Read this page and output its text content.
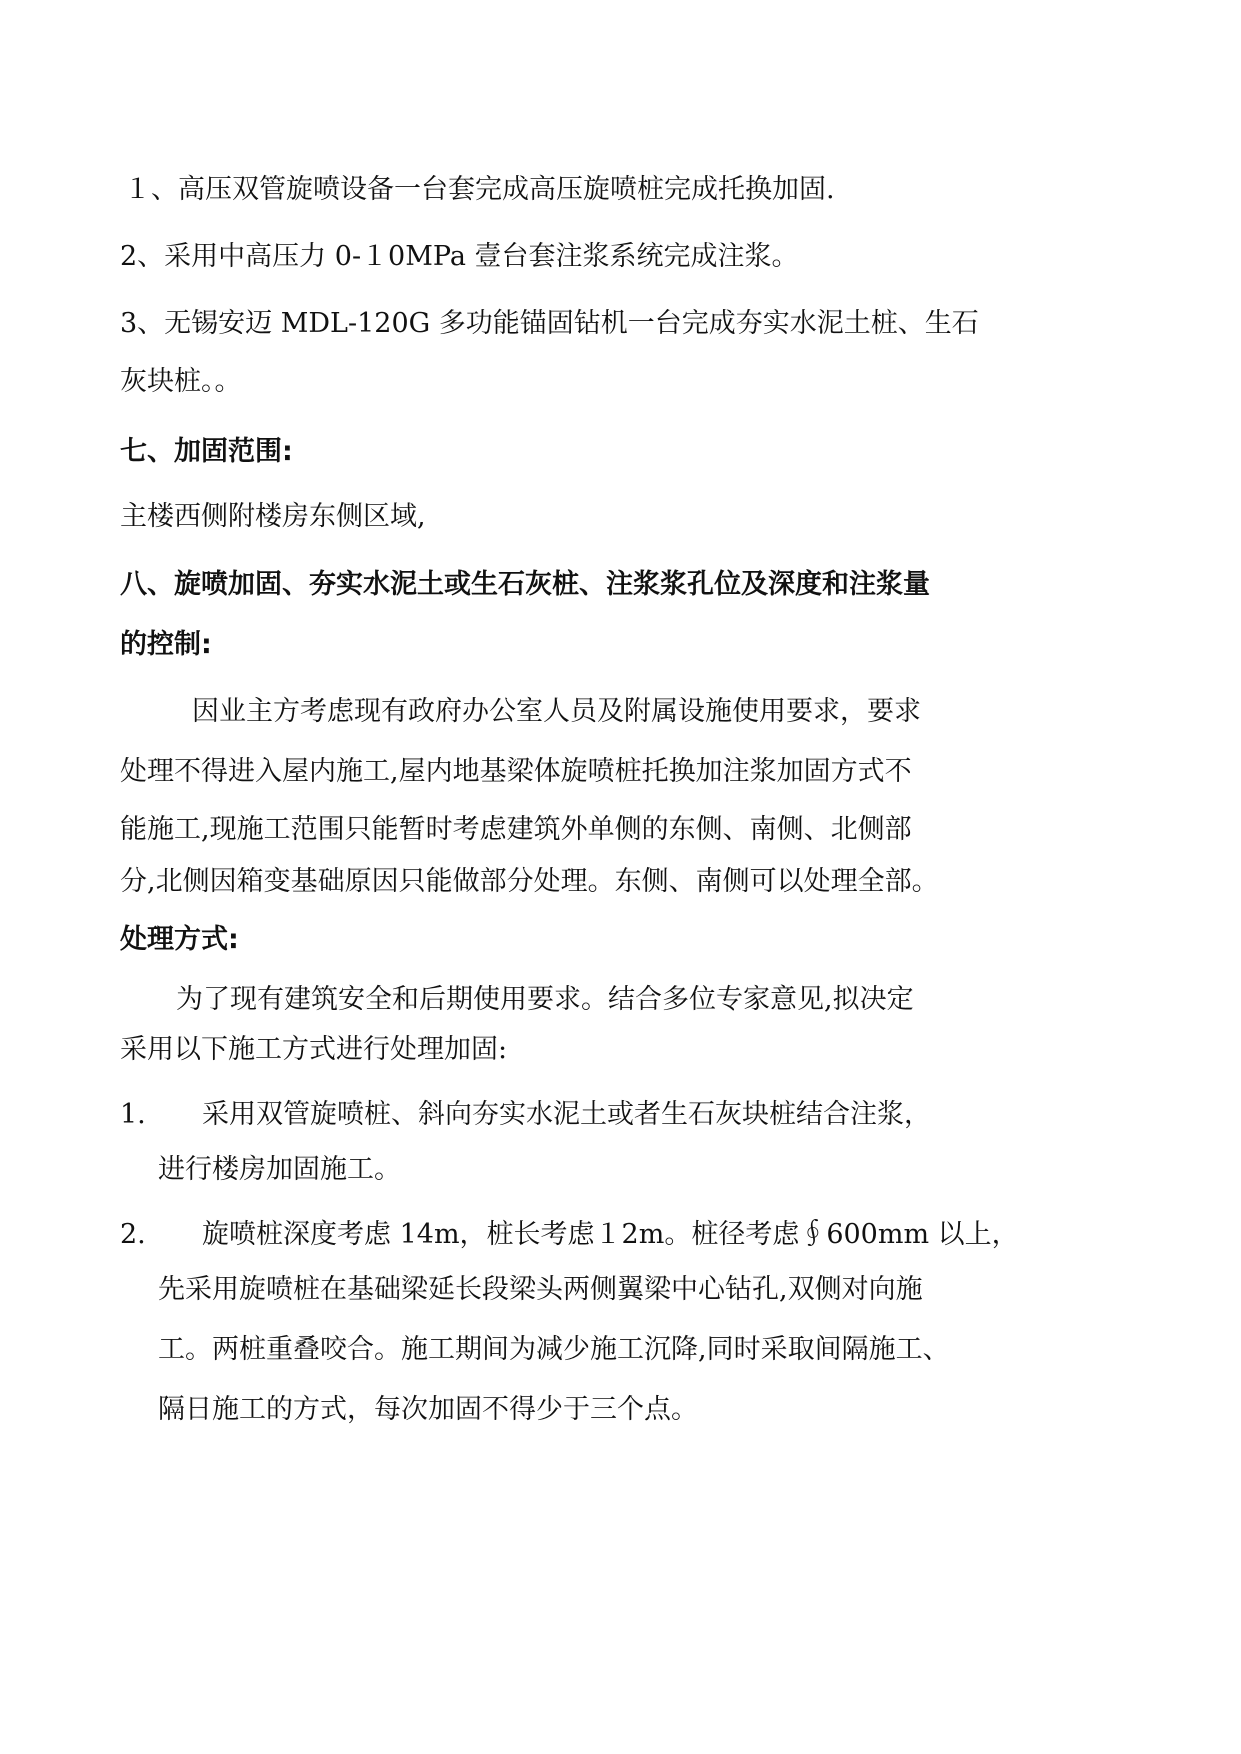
１、高压双管旋喷设备一台套完成高压旋喷桩完成托换加固.
2、采用中高压力 0-１0MPa 壹台套注浆系统完成注浆。
3、无锡安迈 MDL-120G 多功能锚固钻机一台完成夯实水泥土桩、生石
灰块桩。。
七、加固范围:
主楼西侧附楼房东侧区域,
八、旋喷加固、夯实水泥土或生石灰桩、注浆浆孔位及深度和注浆量
的控制:
因业主方考虑现有政府办公室人员及附属设施使用要求，要求
处理不得进入屋内施工,屋内地基梁体旋喷桩托换加注浆加固方式不
能施工,现施工范围只能暂时考虑建筑外单侧的东侧、南侧、北侧部
分,北侧因箱变基础原因只能做部分处理。东侧、南侧可以处理全部。
处理方式:
为了现有建筑安全和后期使用要求。结合多位专家意见,拟决定
采用以下施工方式进行处理加固:
1. 采用双管旋喷桩、斜向夯实水泥土或者生石灰块桩结合注浆，
进行楼房加固施工。
2. 旋喷桩深度考虑 14m，桩长考虑１2m。桩径考虑∮600mm 以上，
先采用旋喷桩在基础梁延长段梁头两侧翼梁中心钻孔,双侧对向施
工。两桩重叠咬合。施工期间为减少施工沉降,同时采取间隔施工、
隔日施工的方式，每次加固不得少于三个点。
